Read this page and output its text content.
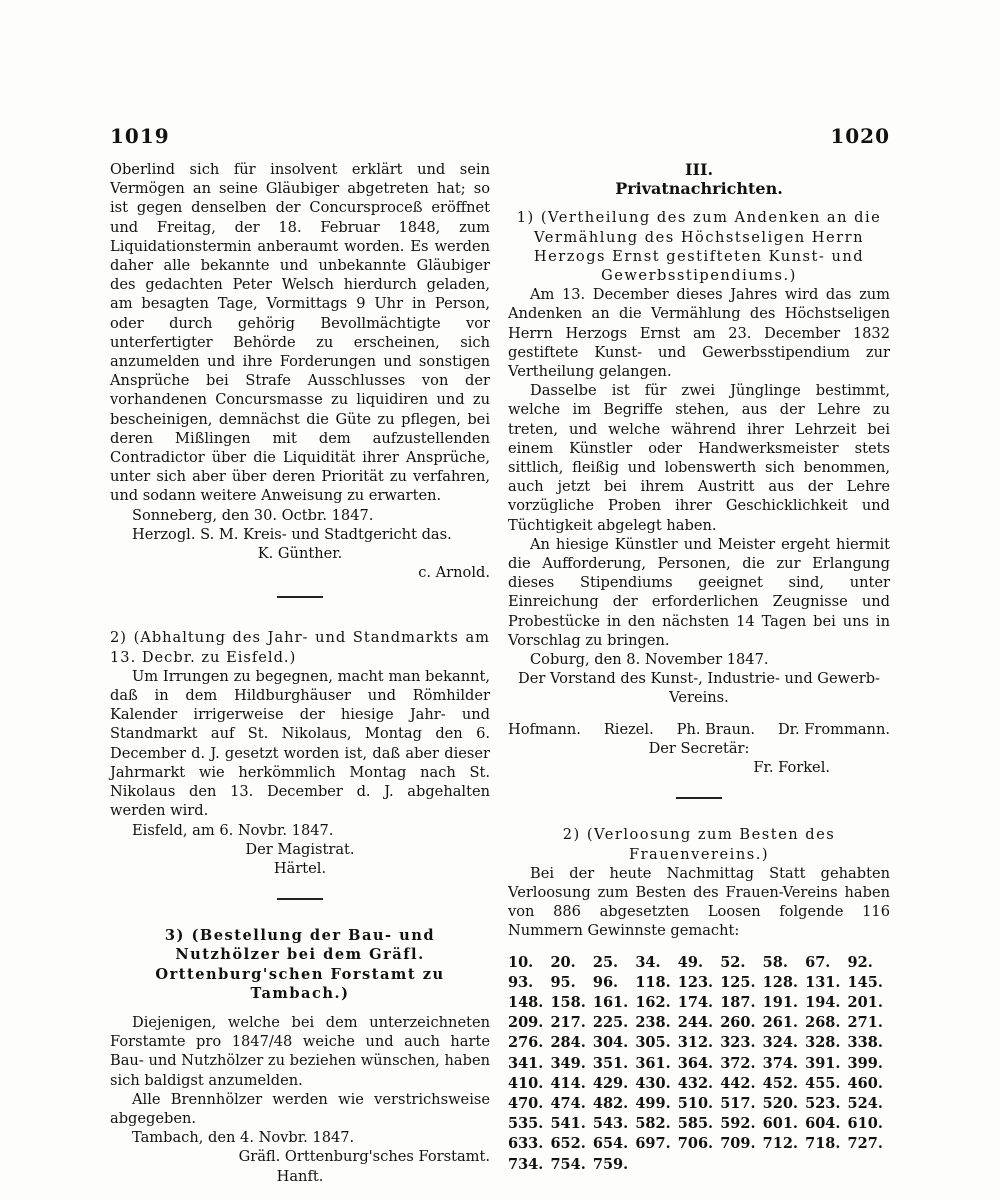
1019	1020

Oberlind sich für insolvent erklärt und sein Vermögen an seine Gläubiger abgetreten hat; so ist gegen denselben der Concursproceß eröffnet und Freitag, der 18. Februar 1848, zum Liquidationstermin anberaumt worden. Es werden daher alle bekannte und unbekannte Gläubiger des gedachten Peter Welsch hierdurch geladen, am besagten Tage, Vormittags 9 Uhr in Person, oder durch gehörig Bevollmächtigte vor unterfertigter Behörde zu erscheinen, sich anzumelden und ihre Forderungen und sonstigen Ansprüche bei Strafe Ausschlusses von der vorhandenen Concursmasse zu liquidiren und zu bescheinigen, demnächst die Güte zu pflegen, bei deren Mißlingen mit dem aufzustellenden Contradictor über die Liquidität ihrer Ansprüche, unter sich aber über deren Priorität zu verfahren, und sodann weitere Anweisung zu erwarten.

Sonneberg, den 30. Octbr. 1847.

Herzogl. S. M. Kreis- und Stadtgericht das.

K. Günther.

c. Arnold.

2) (Abhaltung des Jahr- und Standmarkts am 13. Decbr. zu Eisfeld.)

Um Irrungen zu begegnen, macht man bekannt, daß in dem Hildburghäuser und Römhilder Kalender irrigerweise der hiesige Jahr- und Standmarkt auf St. Nikolaus, Montag den 6. December d. J. gesetzt worden ist, daß aber dieser Jahrmarkt wie herkömmlich Montag nach St. Nikolaus den 13. December d. J. abgehalten werden wird.

Eisfeld, am 6. Novbr. 1847.

Der Magistrat.

Härtel.

3) (Bestellung der Bau- und Nutzhölzer bei dem Gräfl. Orttenburg'schen Forstamt zu Tambach.)

Diejenigen, welche bei dem unterzeichneten Forstamte pro 1847/48 weiche und auch harte Bau- und Nutzhölzer zu beziehen wünschen, haben sich baldigst anzumelden.

Alle Brennhölzer werden wie verstrichsweise abgegeben.

Tambach, den 4. Novbr. 1847.

Gräfl. Orttenburg'sches Forstamt.

Hanft.

III.

Privatnachrichten.

1) (Vertheilung des zum Andenken an die Vermählung des Höchstseligen Herrn Herzogs Ernst gestifteten Kunst- und Gewerbsstipendiums.)

Am 13. December dieses Jahres wird das zum Andenken an die Vermählung des Höchstseligen Herrn Herzogs Ernst am 23. December 1832 gestiftete Kunst- und Gewerbsstipendium zur Vertheilung gelangen.

Dasselbe ist für zwei Jünglinge bestimmt, welche im Begriffe stehen, aus der Lehre zu treten, und welche während ihrer Lehrzeit bei einem Künstler oder Handwerksmeister stets sittlich, fleißig und lobenswerth sich benommen, auch jetzt bei ihrem Austritt aus der Lehre vorzügliche Proben ihrer Geschicklichkeit und Tüchtigkeit abgelegt haben.

An hiesige Künstler und Meister ergeht hiermit die Aufforderung, Personen, die zur Erlangung dieses Stipendiums geeignet sind, unter Einreichung der erforderlichen Zeugnisse und Probestücke in den nächsten 14 Tagen bei uns in Vorschlag zu bringen.

Coburg, den 8. November 1847.

Der Vorstand des Kunst-, Industrie- und Gewerb-Vereins.

Hofmann. Riezel. Ph. Braun. Dr. Frommann.

Der Secretär:

Fr. Forkel.

2) (Verloosung zum Besten des Frauenvereins.)

Bei der heute Nachmittag Statt gehabten Verloosung zum Besten des Frauen-Vereins haben von 886 abgesetzten Loosen folgende 116 Nummern Gewinnste gemacht:

10.	20.	25.	34.	49.	52.	58.	67.	92.
93.	95.	96.	118. 123. 125. 128. 131. 145.
148. 158. 161. 162. 174. 187. 191. 194. 201.
209. 217. 225. 238. 244. 260. 261. 268. 271.
276. 284. 304. 305. 312. 323. 324. 328. 338.
341. 349. 351. 361. 364. 372. 374. 391. 399.
410. 414. 429. 430. 432. 442. 452. 455. 460.
470. 474. 482. 499. 510. 517. 520. 523. 524.
535. 541. 543. 582. 585. 592. 601. 604. 610.
633. 652. 654. 697. 706. 709. 712. 718. 727.
734. 754. 759.
